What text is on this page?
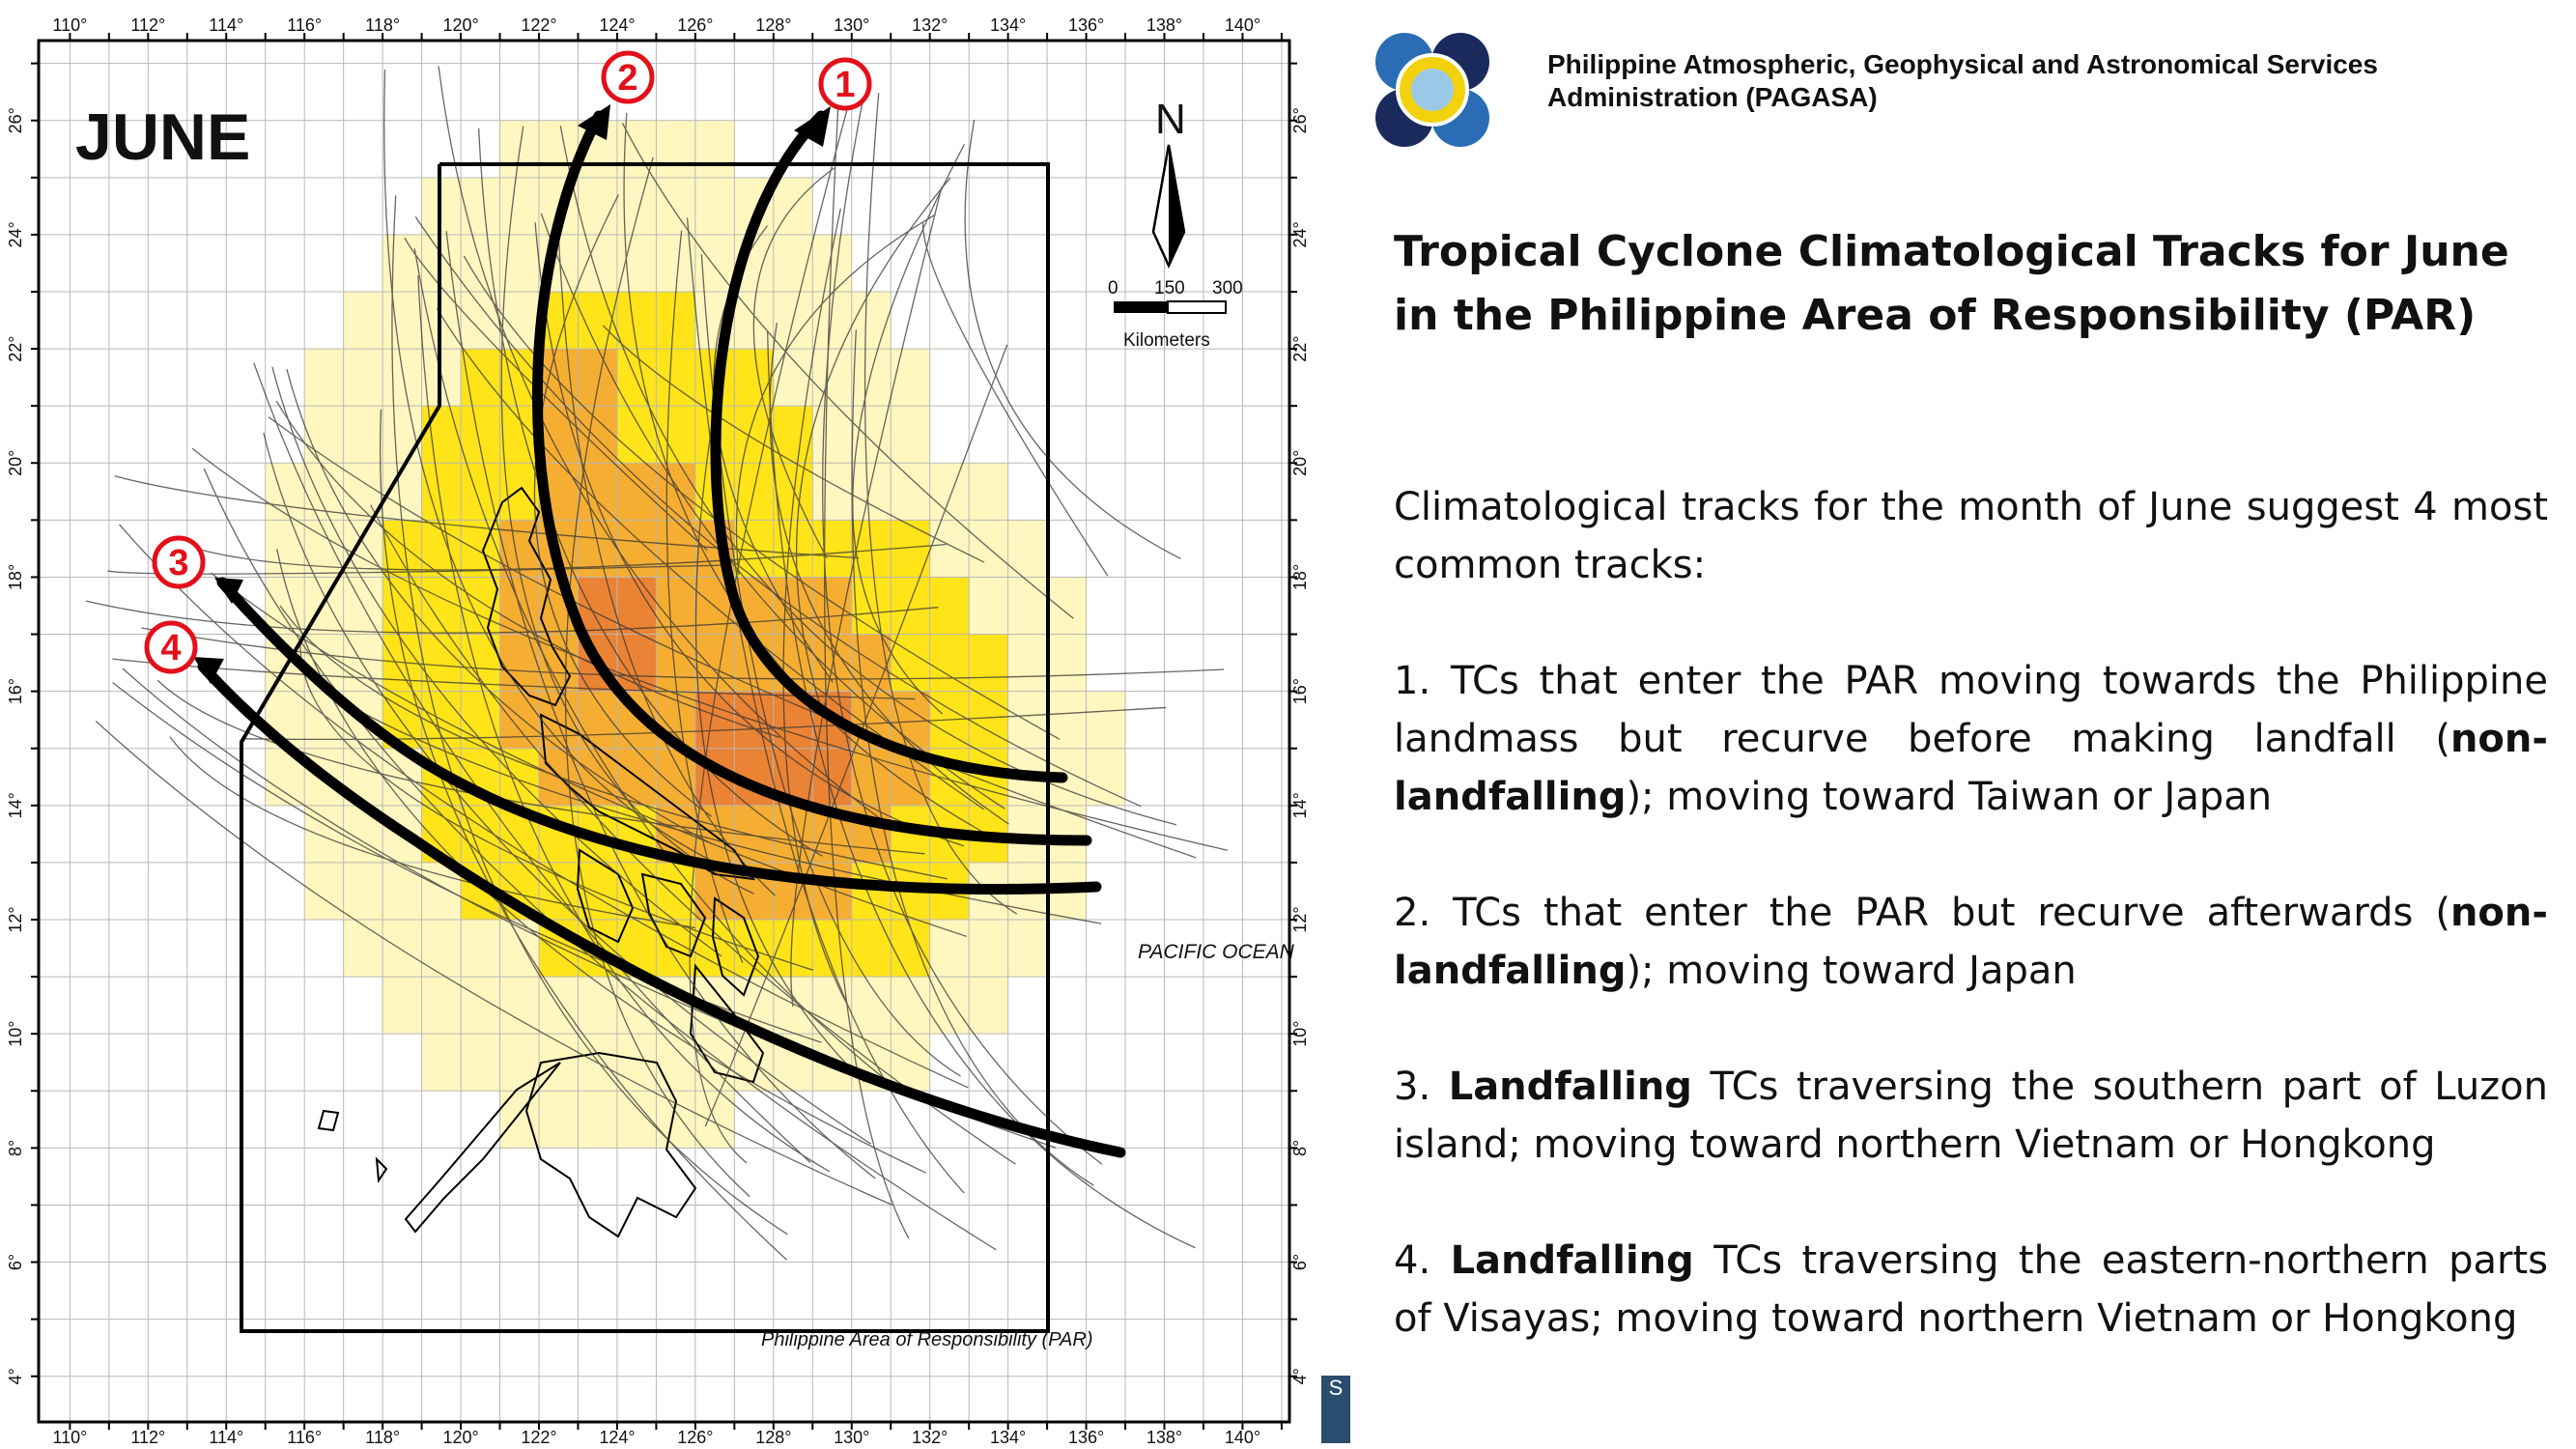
110°	112°	114°	116°	118° 120° 122° 124° 126° 128° 130° 132° 134° 136° 138° 140°
110°	112°	114°	116°	118° 120° 122° 124° 126° 128° 130° 132° 134° 136° 138° 140°
4°
6°
8°
10°
12°
14°
16°
18°
20°
22°
24°
26°
4°
6°
8°
10°
12°
14°
16°
18°
20°
22°
24°
26°
JUNE	N
0 150 300
Kilometers
PACIFIC OCEAN
Philippine Area of Responsibility (PAR)
1
2
3
4
Philippine Atmospheric, Geophysical and Astronomical Services
Administration (PAGASA)
Tropical Cyclone Climatological Tracks for June
in the Philippine Area of Responsibility (PAR)

Climatological tracks for the month of June suggest 4 most common tracks:

1. TCs that enter the PAR moving towards the Philippine landmass but recurve before making landfall (non-landfalling); moving toward Taiwan or Japan

2. TCs that enter the PAR but recurve afterwards (non-landfalling); moving toward Japan

3. Landfalling TCs traversing the southern part of Luzon island; moving toward northern Vietnam or Hongkong

4. Landfalling TCs traversing the eastern-northern parts of Visayas; moving toward northern Vietnam or Hongkong

S
